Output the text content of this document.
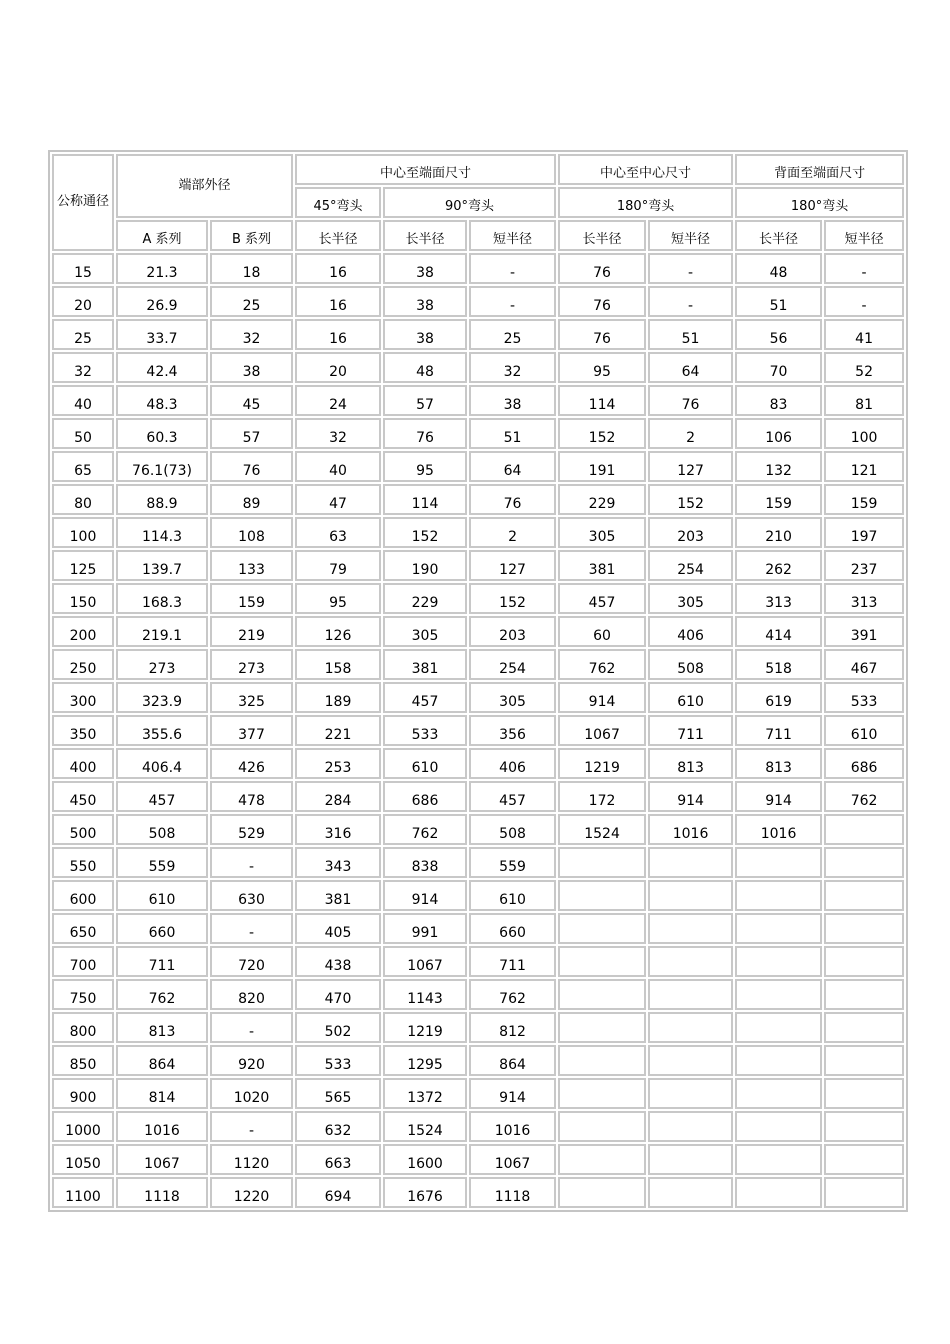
公称通径	端部外径		中心至端面尺寸			中心至中心尺寸		背面至端面尺寸	
			45°弯头	90°弯头		180°弯头		180°弯头	
	A 系列	B 系列	长半径	长半径	短半径	长半径	短半径	长半径	短半径
15	21.3	18	16	38	-	76	-	48	-
20	26.9	25	16	38	-	76	-	51	-
25	33.7	32	16	38	25	76	51	56	41
32	42.4	38	20	48	32	95	64	70	52
40	48.3	45	24	57	38	114	76	83	81
50	60.3	57	32	76	51	152	2	106	100
65	76.1(73)	76	40	95	64	191	127	132	121
80	88.9	89	47	114	76	229	152	159	159
100	114.3	108	63	152	2	305	203	210	197
125	139.7	133	79	190	127	381	254	262	237
150	168.3	159	95	229	152	457	305	313	313
200	219.1	219	126	305	203	60	406	414	391
250	273	273	158	381	254	762	508	518	467
300	323.9	325	189	457	305	914	610	619	533
350	355.6	377	221	533	356	1067	711	711	610
400	406.4	426	253	610	406	1219	813	813	686
450	457	478	284	686	457	172	914	914	762
500	508	529	316	762	508	1524	1016	1016	
550	559	-	343	838	559				
600	610	630	381	914	610				
650	660	-	405	991	660				
700	711	720	438	1067	711				
750	762	820	470	1143	762				
800	813	-	502	1219	812				
850	864	920	533	1295	864				
900	814	1020	565	1372	914				
1000	1016	-	632	1524	1016				
1050	1067	1120	663	1600	1067				
1100	1118	1220	694	1676	1118				
